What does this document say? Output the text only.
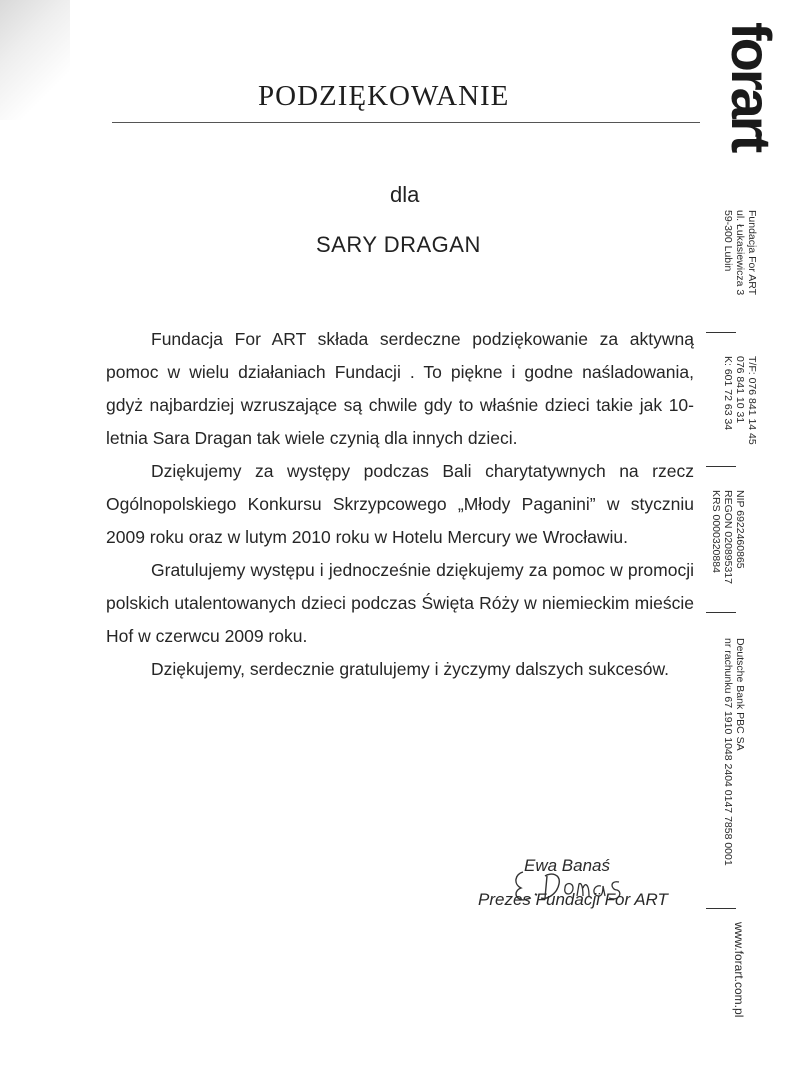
PODZIĘKOWANIE
dla
SARY DRAGAN

Fundacja For ART składa serdeczne podziękowanie za aktywną pomoc w wielu działaniach Fundacji . To piękne i godne naśladowania, gdyż najbardziej wzruszające są chwile gdy to właśnie dzieci takie jak 10-letnia Sara Dragan tak wiele czynią dla innych dzieci.

Dziękujemy za występy podczas Bali charytatywnych na rzecz Ogólnopolskiego Konkursu Skrzypcowego „Młody Paganini” w styczniu 2009 roku oraz w lutym 2010 roku w Hotelu Mercury we Wrocławiu.

Gratulujemy występu i jednocześnie dziękujemy za pomoc w promocji polskich utalentowanych dzieci podczas Święta Róży w niemieckim mieście Hof w czerwcu 2009 roku.

Dziękujemy, serdecznie gratulujemy i życzymy dalszych sukcesów.

Ewa Banaś
Prezes Fundacji For ART
forart
Fundacja For ART
ul. Łukasiewicza 3
59-300 Lubin
T/F: 076 841 14 45
076 841 10 31
K: 601 72 63 34
NIP 6922460865
REGON 020895317
KRS 0000320884
Deutsche Bank PBC SA
nr rachunku 67 1910 1048 2404 0147 7858 0001
www.forart.com.pl
